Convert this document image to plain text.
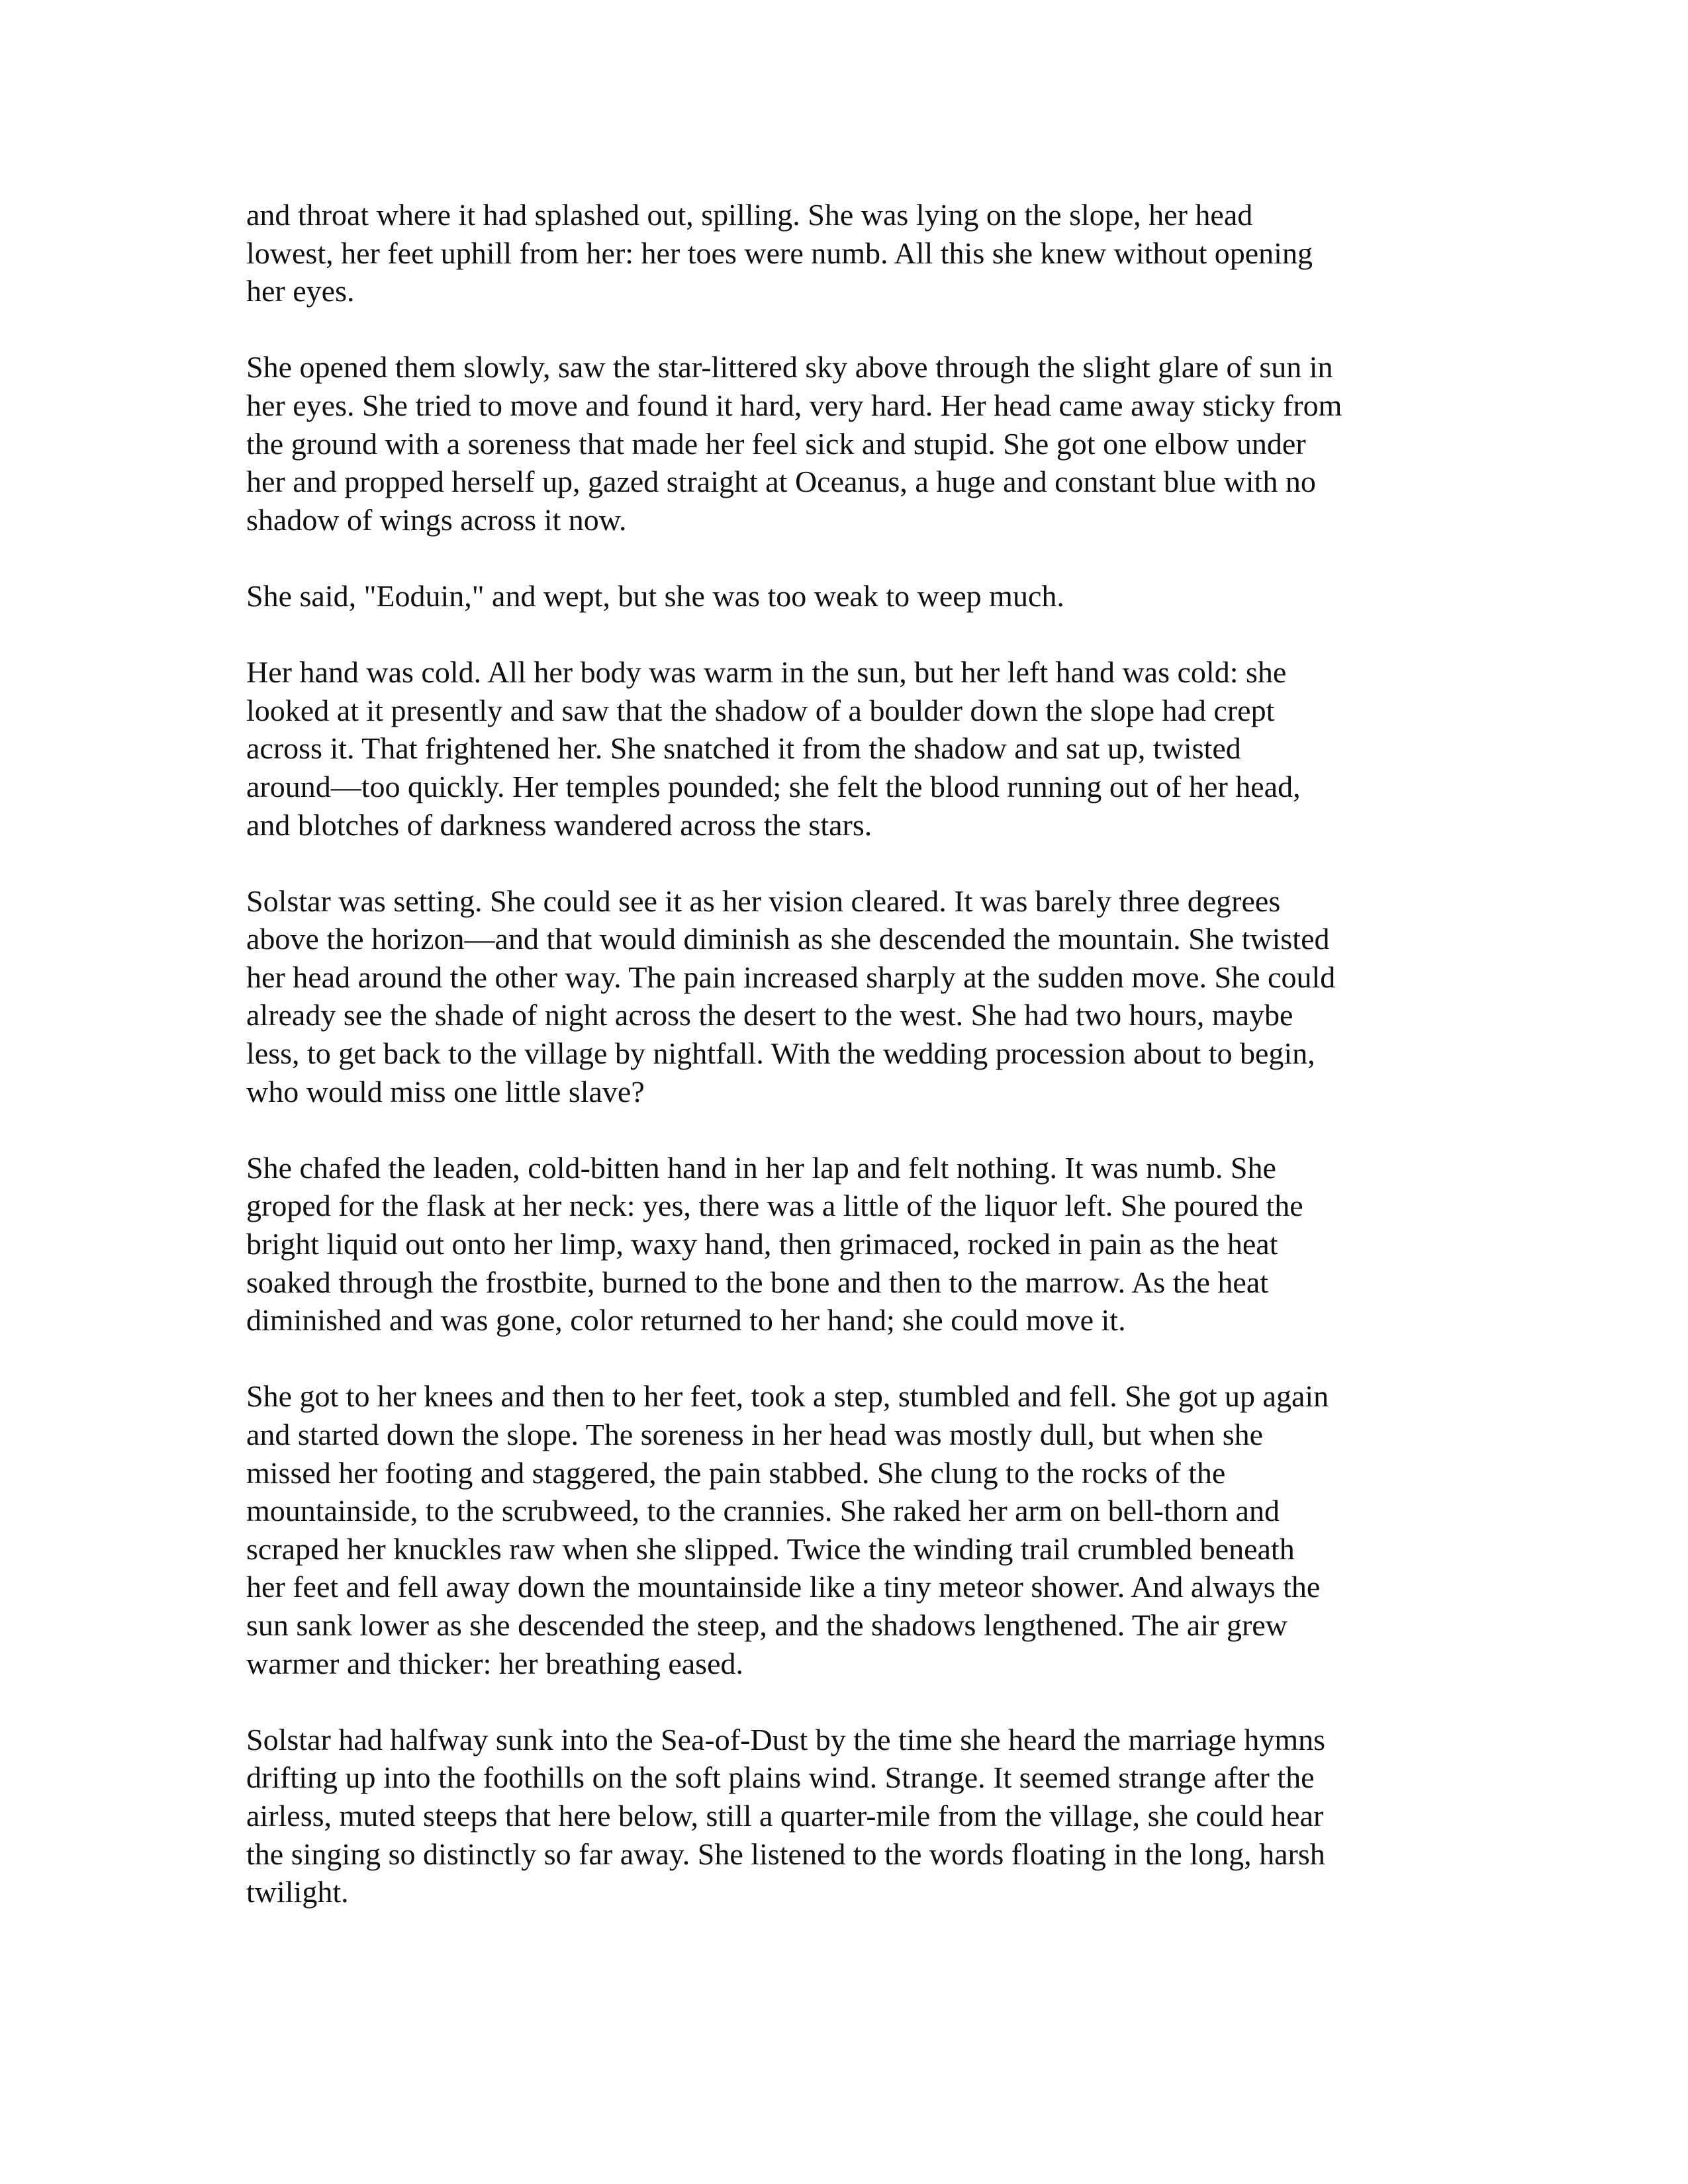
and throat where it had splashed out, spilling. She was lying on the slope, her head
lowest, her feet uphill from her: her toes were numb. All this she knew without opening
her eyes.

She opened them slowly, saw the star-littered sky above through the slight glare of sun in
her eyes. She tried to move and found it hard, very hard. Her head came away sticky from
the ground with a soreness that made her feel sick and stupid. She got one elbow under
her and propped herself up, gazed straight at Oceanus, a huge and constant blue with no
shadow of wings across it now.

She said, "Eoduin," and wept, but she was too weak to weep much.

Her hand was cold. All her body was warm in the sun, but her left hand was cold: she
looked at it presently and saw that the shadow of a boulder down the slope had crept
across it. That frightened her. She snatched it from the shadow and sat up, twisted
around—too quickly. Her temples pounded; she felt the blood running out of her head,
and blotches of darkness wandered across the stars.

Solstar was setting. She could see it as her vision cleared. It was barely three degrees
above the horizon—and that would diminish as she descended the mountain. She twisted
her head around the other way. The pain increased sharply at the sudden move. She could
already see the shade of night across the desert to the west. She had two hours, maybe
less, to get back to the village by nightfall. With the wedding procession about to begin,
who would miss one little slave?

She chafed the leaden, cold-bitten hand in her lap and felt nothing. It was numb. She
groped for the flask at her neck: yes, there was a little of the liquor left. She poured the
bright liquid out onto her limp, waxy hand, then grimaced, rocked in pain as the heat
soaked through the frostbite, burned to the bone and then to the marrow. As the heat
diminished and was gone, color returned to her hand; she could move it.

She got to her knees and then to her feet, took a step, stumbled and fell. She got up again
and started down the slope. The soreness in her head was mostly dull, but when she
missed her footing and staggered, the pain stabbed. She clung to the rocks of the
mountainside, to the scrubweed, to the crannies. She raked her arm on bell-thorn and
scraped her knuckles raw when she slipped. Twice the winding trail crumbled beneath
her feet and fell away down the mountainside like a tiny meteor shower. And always the
sun sank lower as she descended the steep, and the shadows lengthened. The air grew
warmer and thicker: her breathing eased.

Solstar had halfway sunk into the Sea-of-Dust by the time she heard the marriage hymns
drifting up into the foothills on the soft plains wind. Strange. It seemed strange after the
airless, muted steeps that here below, still a quarter-mile from the village, she could hear
the singing so distinctly so far away. She listened to the words floating in the long, harsh
twilight.
